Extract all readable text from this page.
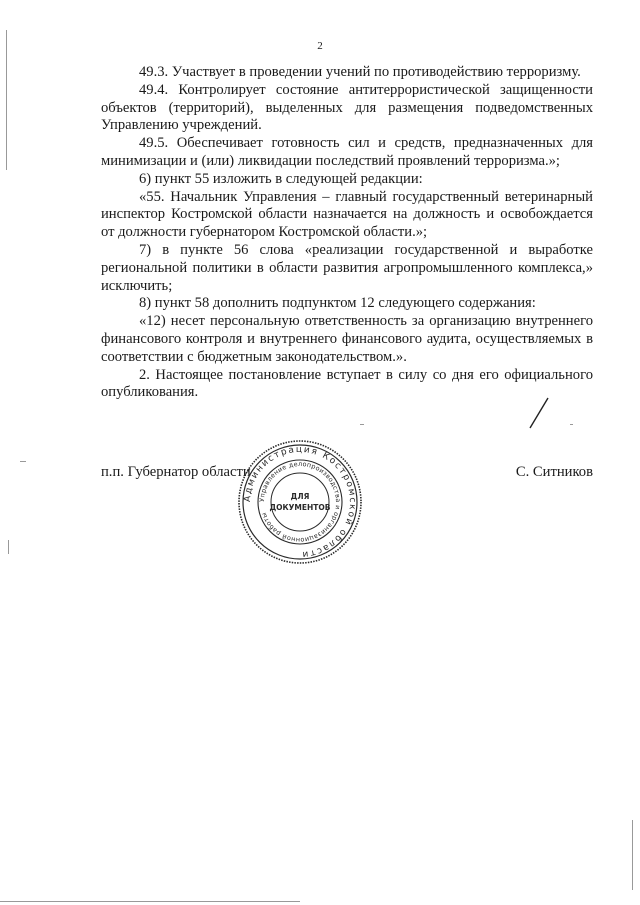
2

49.3. Участвует в проведении учений по противодействию терроризму.

49.4. Контролирует состояние антитеррористической защищенности объектов (территорий), выделенных для размещения подведомственных Управлению учреждений.

49.5. Обеспечивает готовность сил и средств, предназначенных для минимизации и (или) ликвидации последствий проявлений терроризма.»;

6) пункт 55 изложить в следующей редакции:

«55. Начальник Управления – главный государственный ветеринарный инспектор Костромской области назначается на должность и освобождается от должности губернатором Костромской области.»;

7) в пункте 56 слова «реализации государственной и выработке региональной политики в области развития агропромышленного комплекса,» исключить;

8) пункт 58 дополнить подпунктом 12 следующего содержания:

«12) несет персональную ответственность за организацию внутреннего финансового контроля и внутреннего финансового аудита, осуществляемых в соответствии с бюджетным законодательством.».

2. Настоящее постановление вступает в силу со дня его официального опубликования.

п.п. Губернатор области	С. Ситников
Администрация Костромской области
Управление делопроизводства и организационной работы
ДЛЯ
ДОКУМЕНТОВ
